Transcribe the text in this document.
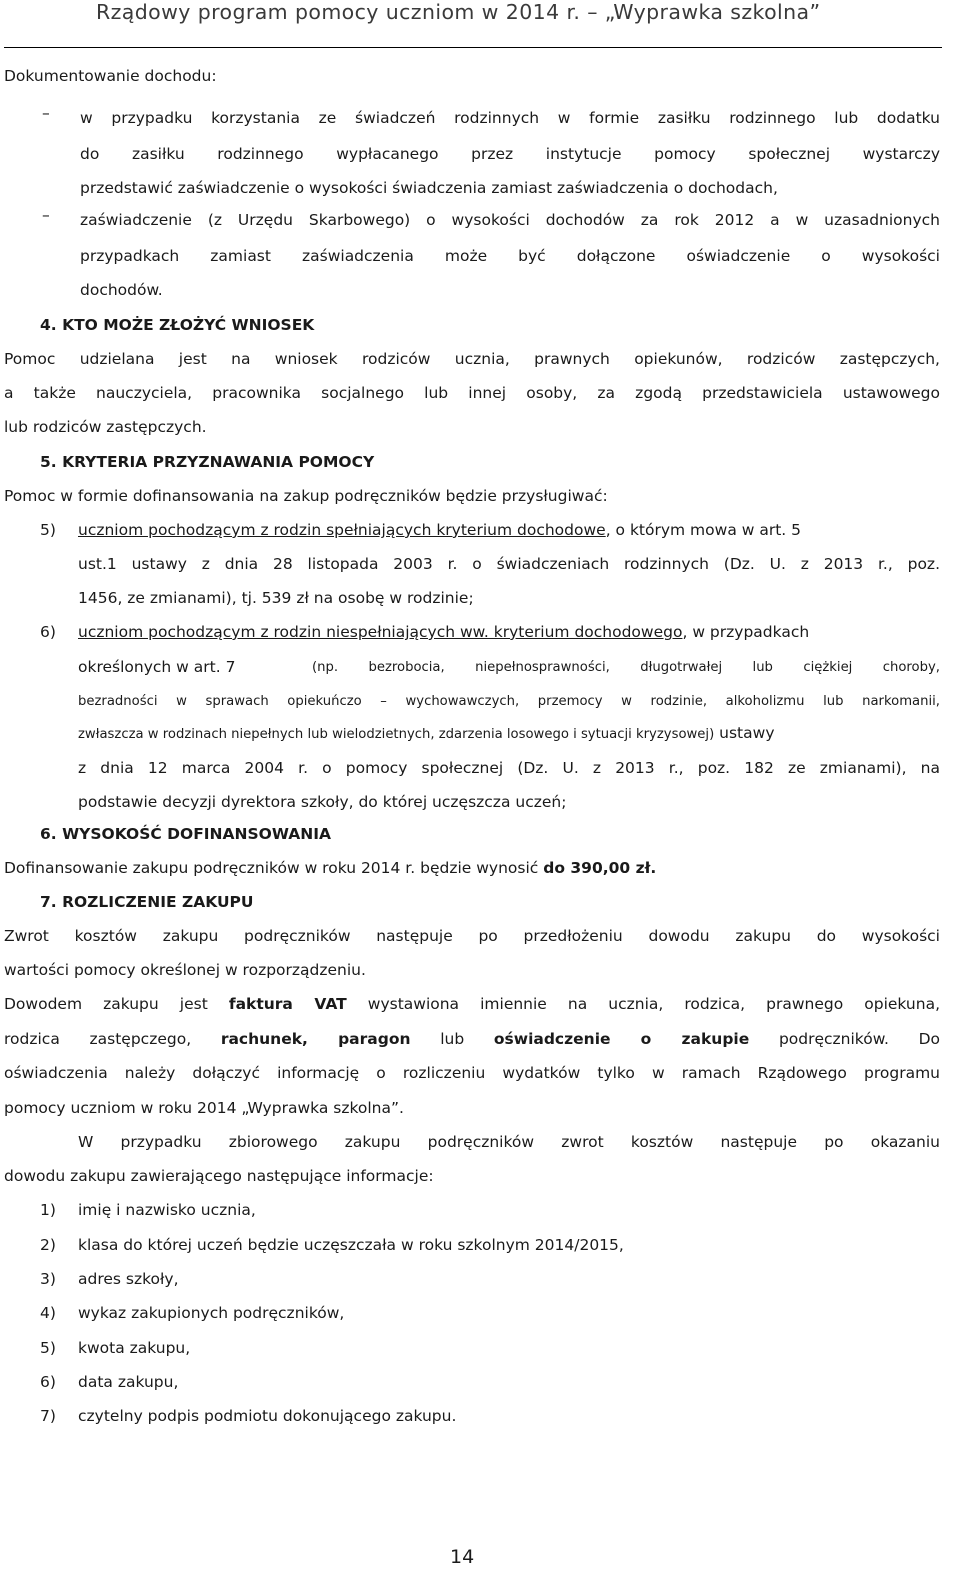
Rządowy program pomocy uczniom w 2014 r. – „Wyprawka szkolna”
Dokumentowanie dochodu:
– w przypadku korzystania ze świadczeń rodzinnych w formie zasiłku rodzinnego lub dodatku
do zasiłku rodzinnego wypłacanego przez instytucje pomocy społecznej wystarczy
przedstawić zaświadczenie o wysokości świadczenia zamiast zaświadczenia o dochodach,
– zaświadczenie (z Urzędu Skarbowego) o wysokości dochodów za rok 2012 a w uzasadnionych
przypadkach zamiast zaświadczenia może być dołączone oświadczenie o wysokości
dochodów.
4. KTO MOŻE ZŁOŻYĆ WNIOSEK
Pomoc udzielana jest na wniosek rodziców ucznia, prawnych opiekunów, rodziców zastępczych,
a także nauczyciela, pracownika socjalnego lub innej osoby, za zgodą przedstawiciela ustawowego
lub rodziców zastępczych.
5. KRYTERIA PRZYZNAWANIA POMOCY
Pomoc w formie dofinansowania na zakup podręczników będzie przysługiwać:
5) uczniom pochodzącym z rodzin spełniających kryterium dochodowe, o którym mowa w art. 5
ust.1 ustawy z dnia 28 listopada 2003 r. o świadczeniach rodzinnych (Dz. U. z 2013 r., poz.
1456, ze zmianami), tj. 539 zł na osobę w rodzinie;
6) uczniom pochodzącym z rodzin niespełniających ww. kryterium dochodowego, w przypadkach
określonych w art. 7	(np. bezrobocia, niepełnosprawności, długotrwałej lub ciężkiej choroby,
bezradności w sprawach opiekuńczo – wychowawczych, przemocy w rodzinie, alkoholizmu lub narkomanii,
zwłaszcza w rodzinach niepełnych lub wielodzietnych, zdarzenia losowego i sytuacji kryzysowej) ustawy
z dnia 12 marca 2004 r. o pomocy społecznej (Dz. U. z 2013 r., poz. 182 ze zmianami), na
podstawie decyzji dyrektora szkoły, do której uczęszcza uczeń;
6. WYSOKOŚĆ DOFINANSOWANIA
Dofinansowanie zakupu podręczników w roku 2014 r. będzie wynosić do 390,00 zł.
7. ROZLICZENIE ZAKUPU
Zwrot kosztów zakupu podręczników następuje po przedłożeniu dowodu zakupu do wysokości
wartości pomocy określonej w rozporządzeniu.
Dowodem zakupu jest faktura VAT wystawiona imiennie na ucznia, rodzica, prawnego opiekuna,
rodzica zastępczego, rachunek, paragon lub oświadczenie o zakupie podręczników. Do
oświadczenia należy dołączyć informację o rozliczeniu wydatków tylko w ramach Rządowego programu
pomocy uczniom w roku 2014 „Wyprawka szkolna”.
W przypadku zbiorowego zakupu podręczników zwrot kosztów następuje po okazaniu
dowodu zakupu zawierającego następujące informacje:
1) imię i nazwisko ucznia,
2) klasa do której uczeń będzie uczęszczała w roku szkolnym 2014/2015,
3) adres szkoły,
4) wykaz zakupionych podręczników,
5) kwota zakupu,
6) data zakupu,
7) czytelny podpis podmiotu dokonującego zakupu.
14
